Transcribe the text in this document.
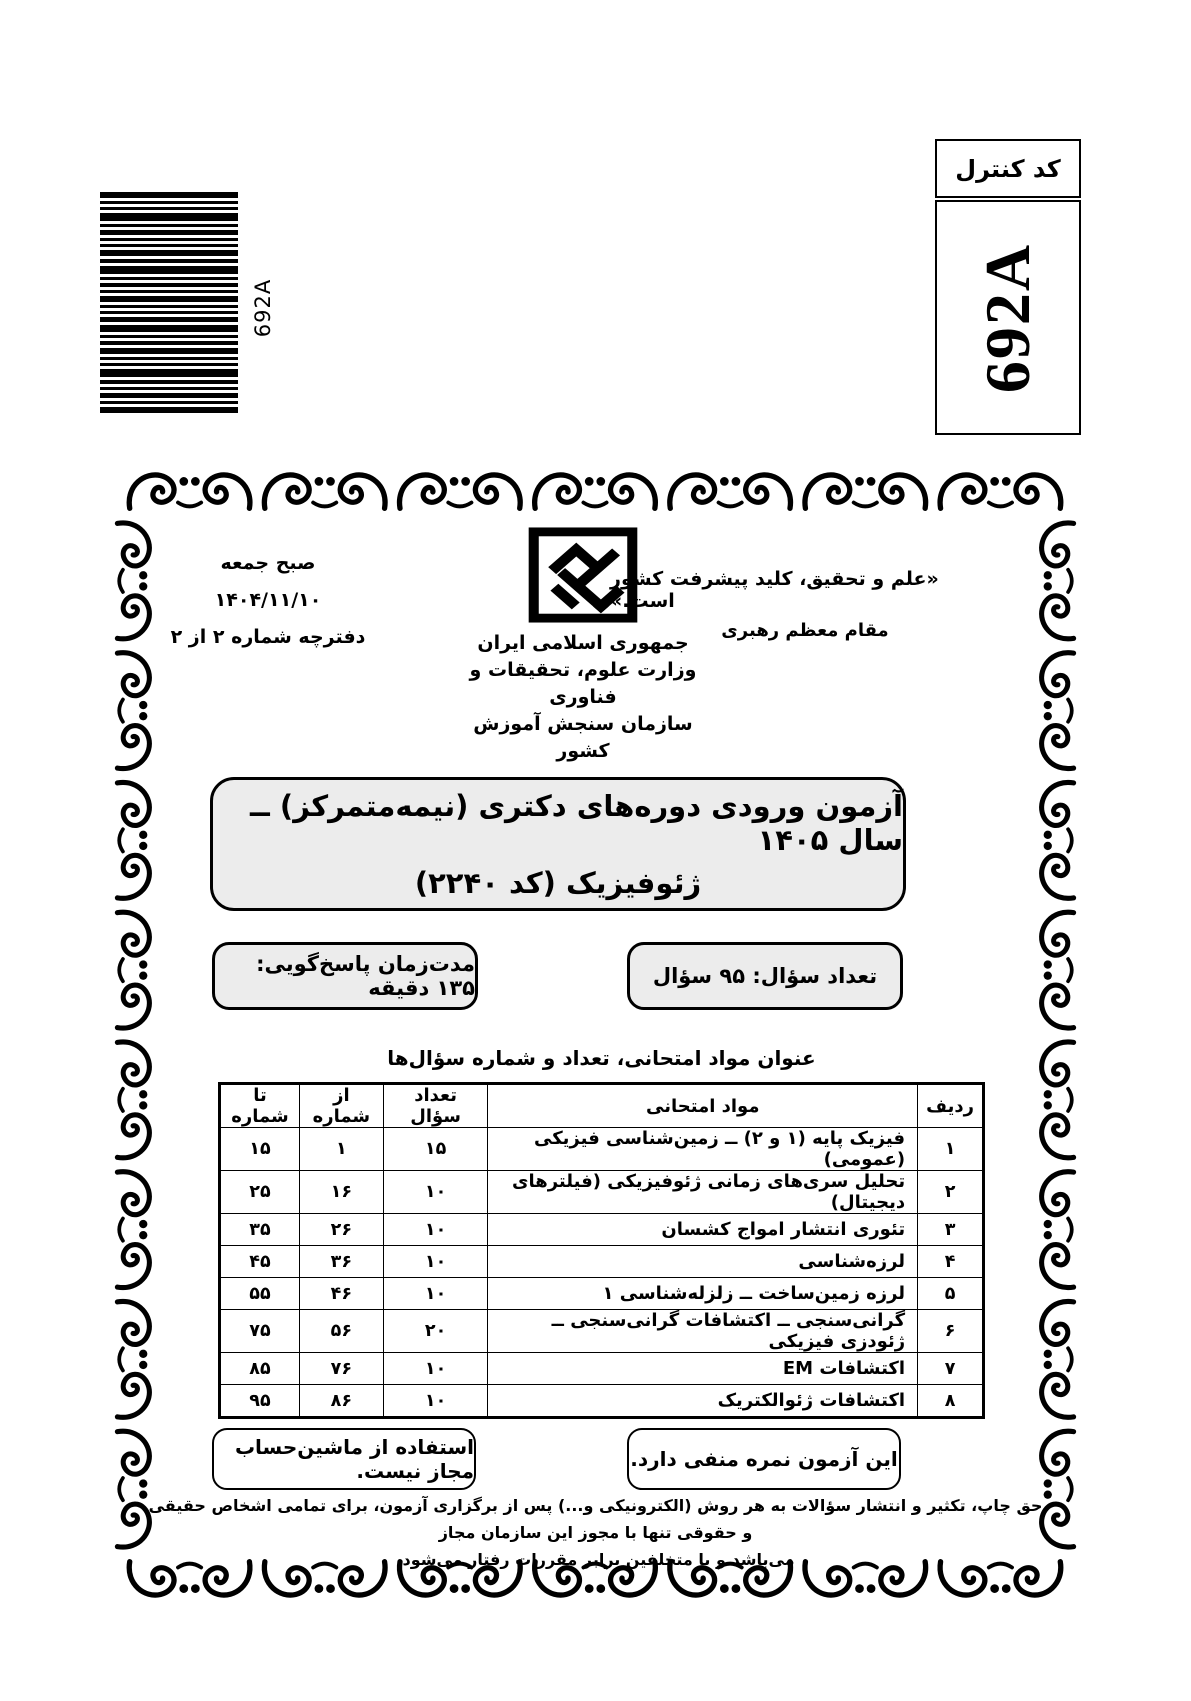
692A
کد کنترل
692A
صبح جمعه
۱۴۰۴/۱۱/۱۰
دفترچه شماره ۲ از ۲	جمهوری اسلامی ایران
وزارت علوم، تحقیقات و فناوری
سازمان سنجش آموزش کشور
«علم و تحقیق، کلید پیشرفت کشور است.»
مقام معظم رهبری
آزمون ورودی دوره‌های دکتری (نیمه‌متمرکز) ــ سال ۱۴۰۵
ژئوفیزیک (کد ۲۲۴۰)
تعداد سؤال: ۹۵ سؤال
مدت‌زمان پاسخ‌گویی: ۱۳۵ دقیقه
عنوان مواد امتحانی، تعداد و شماره سؤال‌ها
ردیف	مواد امتحانی	تعداد سؤال	از شماره	تا شماره
۱	فیزیک پایه (۱ و ۲) ــ زمین‌شناسی فیزیکی (عمومی)	۱۵	۱	۱۵
۲	تحلیل سری‌های زمانی ژئوفیزیکی (فیلترهای دیجیتال)	۱۰	۱۶	۲۵
۳	تئوری انتشار امواج کشسان	۱۰	۲۶	۳۵
۴	لرزه‌شناسی	۱۰	۳۶	۴۵
۵	لرزه زمین‌ساخت ــ زلزله‌شناسی ۱	۱۰	۴۶	۵۵
۶	گرانی‌سنجی ــ اکتشافات گرانی‌سنجی ــ ژئودزی فیزیکی	۲۰	۵۶	۷۵
۷	اکتشافات EM	۱۰	۷۶	۸۵
۸	اکتشافات ژئوالکتریک	۱۰	۸۶	۹۵
این آزمون نمره منفی دارد.
استفاده از ماشین‌حساب مجاز نیست.
حق چاپ، تکثیر و انتشار سؤالات به هر روش (الکترونیکی و...) پس از برگزاری آزمون، برای تمامی اشخاص حقیقی و حقوقی تنها با مجوز این سازمان مجاز
می‌باشد و با متخلفین برابر مقررات رفتار می‌شود.
